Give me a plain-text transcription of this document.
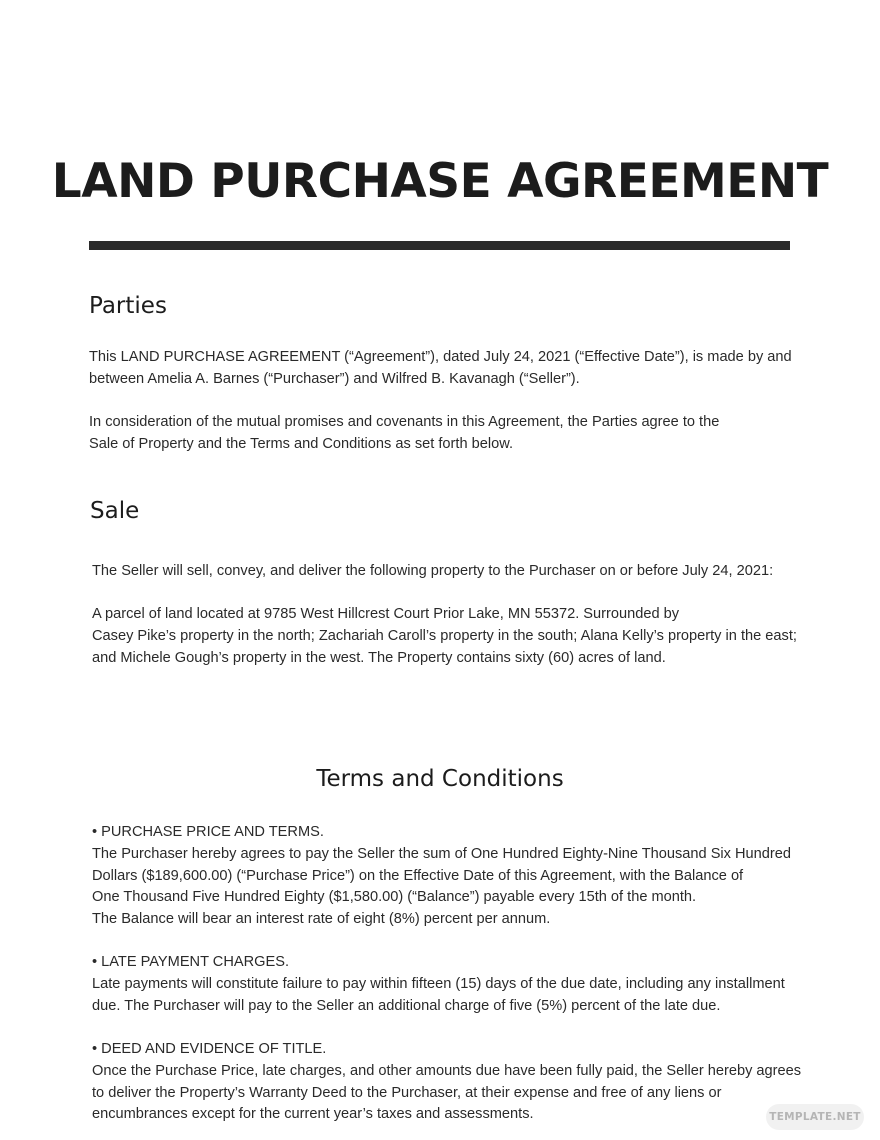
LAND PURCHASE AGREEMENT
Parties
This LAND PURCHASE AGREEMENT (“Agreement”), dated July 24, 2021 (“Effective Date”), is made by and
between Amelia A. Barnes (“Purchaser”) and Wilfred B. Kavanagh (“Seller”).
In consideration of the mutual promises and covenants in this Agreement, the Parties agree to the
Sale of Property and the Terms and Conditions as set forth below.
Sale
The Seller will sell, convey, and deliver the following property to the Purchaser on or before July 24, 2021:
A parcel of land located at 9785 West Hillcrest Court Prior Lake, MN 55372. Surrounded by
Casey Pike’s property in the north; Zachariah Caroll’s property in the south; Alana Kelly’s property in the east;
and Michele Gough’s property in the west. The Property contains sixty (60) acres of land.
Terms and Conditions
• PURCHASE PRICE AND TERMS.
The Purchaser hereby agrees to pay the Seller the sum of One Hundred Eighty-Nine Thousand Six Hundred
Dollars ($189,600.00) (“Purchase Price”) on the Effective Date of this Agreement, with the Balance of
One Thousand Five Hundred Eighty ($1,580.00) (“Balance”) payable every 15th of the month.
The Balance will bear an interest rate of eight (8%) percent per annum.
• LATE PAYMENT CHARGES.
Late payments will constitute failure to pay within fifteen (15) days of the due date, including any installment
due. The Purchaser will pay to the Seller an additional charge of five (5%) percent of the late due.
• DEED AND EVIDENCE OF TITLE.
Once the Purchase Price, late charges, and other amounts due have been fully paid, the Seller hereby agrees
to deliver the Property’s Warranty Deed to the Purchaser, at their expense and free of any liens or
encumbrances except for the current year’s taxes and assessments.	TEMPLATE.NET
